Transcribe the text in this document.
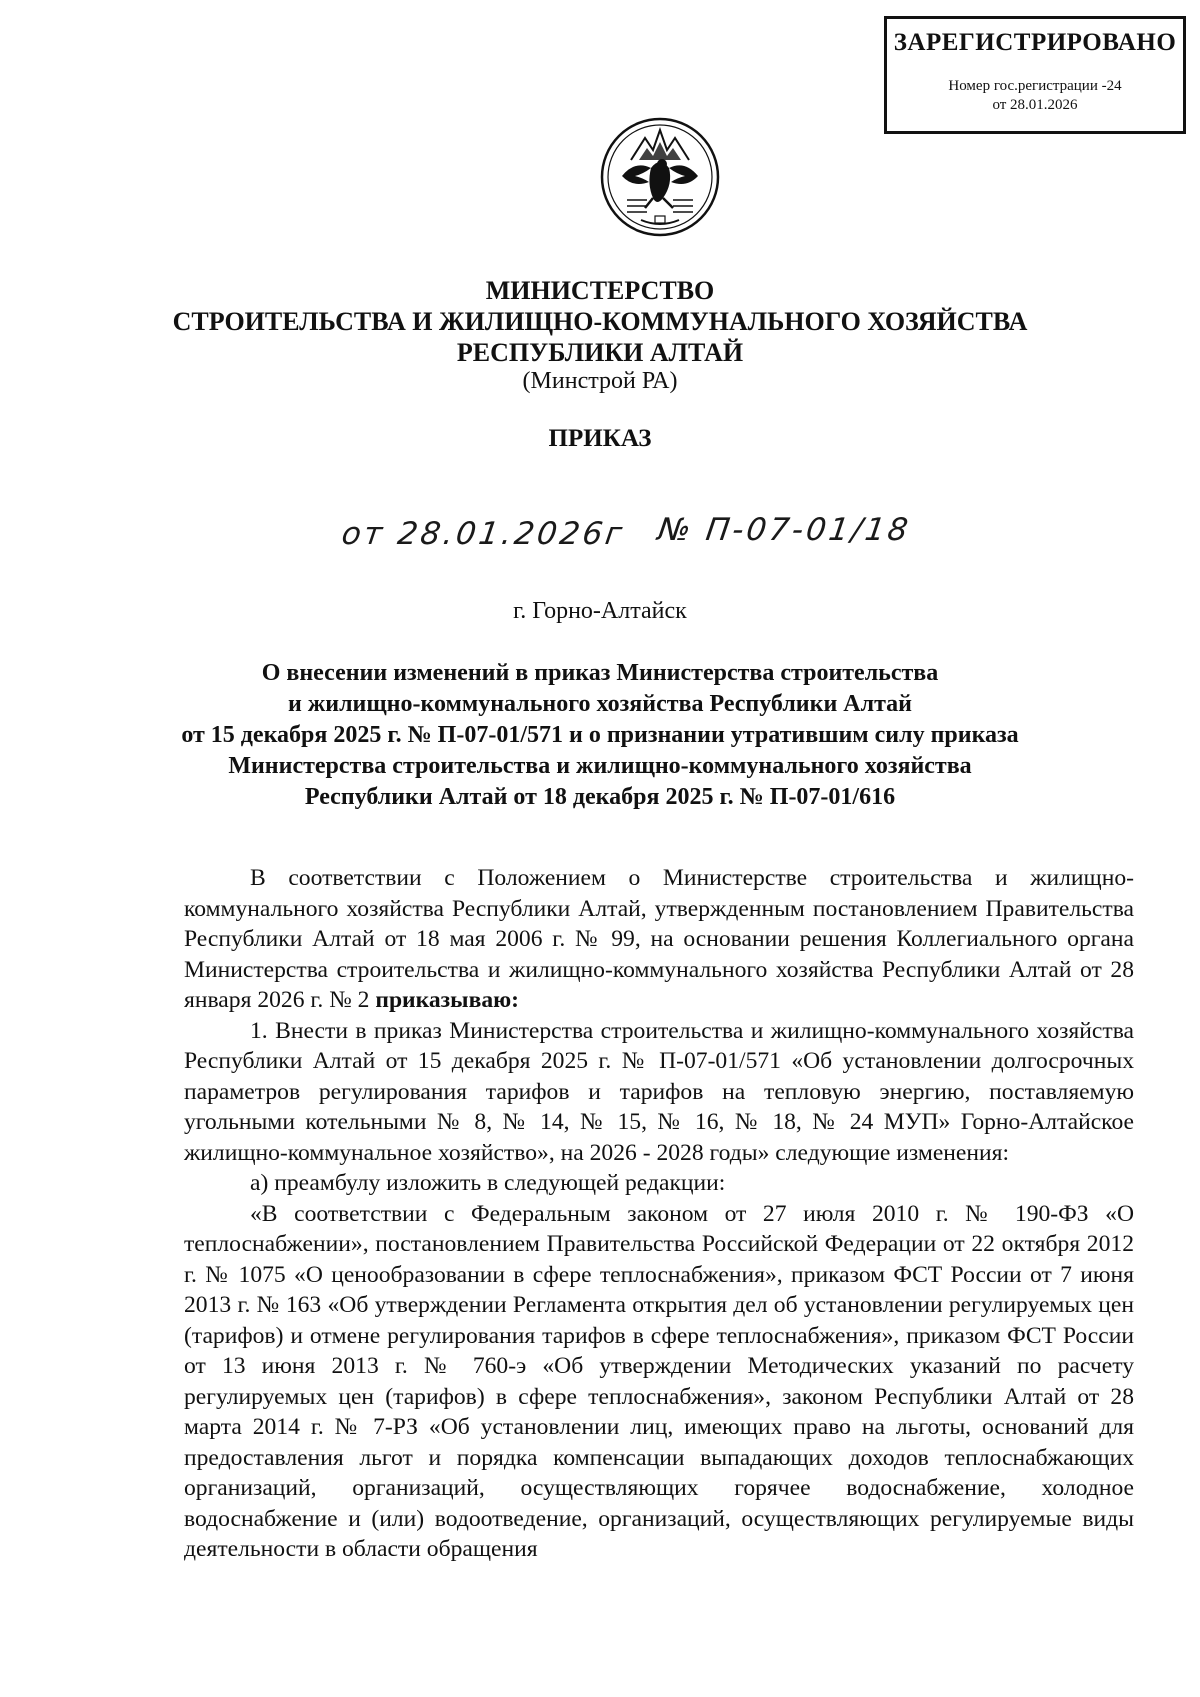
ЗАРЕГИСТРИРОВАНО
Номер гос.регистрации -24
от 28.01.2026
МИНИСТЕРСТВО
СТРОИТЕЛЬСТВА И ЖИЛИЩНО-КОММУНАЛЬНОГО ХОЗЯЙСТВА
РЕСПУБЛИКИ АЛТАЙ
(Минстрой РА)
ПРИКАЗ
от 28.01.2026г № П-07-01/18
г. Горно-Алтайск
О внесении изменений в приказ Министерства строительства
и жилищно-коммунального хозяйства Республики Алтай
от 15 декабря 2025 г. № П-07-01/571 и о признании утратившим силу приказа
Министерства строительства и жилищно-коммунального хозяйства
Республики Алтай от 18 декабря 2025 г. № П-07-01/616

В соответствии с Положением о Министерстве строительства и жилищно-коммунального хозяйства Республики Алтай, утвержденным постановлением Правительства Республики Алтай от 18 мая 2006 г. № 99, на основании решения Коллегиального органа Министерства строительства и жилищно-коммунального хозяйства Республики Алтай от 28 января 2026 г. № 2 приказываю:

1. Внести в приказ Министерства строительства и жилищно-коммунального хозяйства Республики Алтай от 15 декабря 2025 г. № П-07-01/571 «Об установлении долгосрочных параметров регулирования тарифов и тарифов на тепловую энергию, поставляемую угольными котельными № 8, № 14, № 15, № 16, № 18, № 24 МУП» Горно-Алтайское жилищно-коммунальное хозяйство», на 2026 - 2028 годы» следующие изменения:

а) преамбулу изложить в следующей редакции:

«В соответствии с Федеральным законом от 27 июля 2010 г. № 190-ФЗ «О теплоснабжении», постановлением Правительства Российской Федерации от 22 октября 2012 г. № 1075 «О ценообразовании в сфере теплоснабжения», приказом ФСТ России от 7 июня 2013 г. № 163 «Об утверждении Регламента открытия дел об установлении регулируемых цен (тарифов) и отмене регулирования тарифов в сфере теплоснабжения», приказом ФСТ России от 13 июня 2013 г. № 760-э «Об утверждении Методических указаний по расчету регулируемых цен (тарифов) в сфере теплоснабжения», законом Республики Алтай от 28 марта 2014 г. № 7-РЗ «Об установлении лиц, имеющих право на льготы, оснований для предоставления льгот и порядка компенсации выпадающих доходов теплоснабжающих организаций, организаций, осуществляющих горячее водоснабжение, холодное водоснабжение и (или) водоотведение, организаций, осуществляющих регулируемые виды деятельности в области обращения
